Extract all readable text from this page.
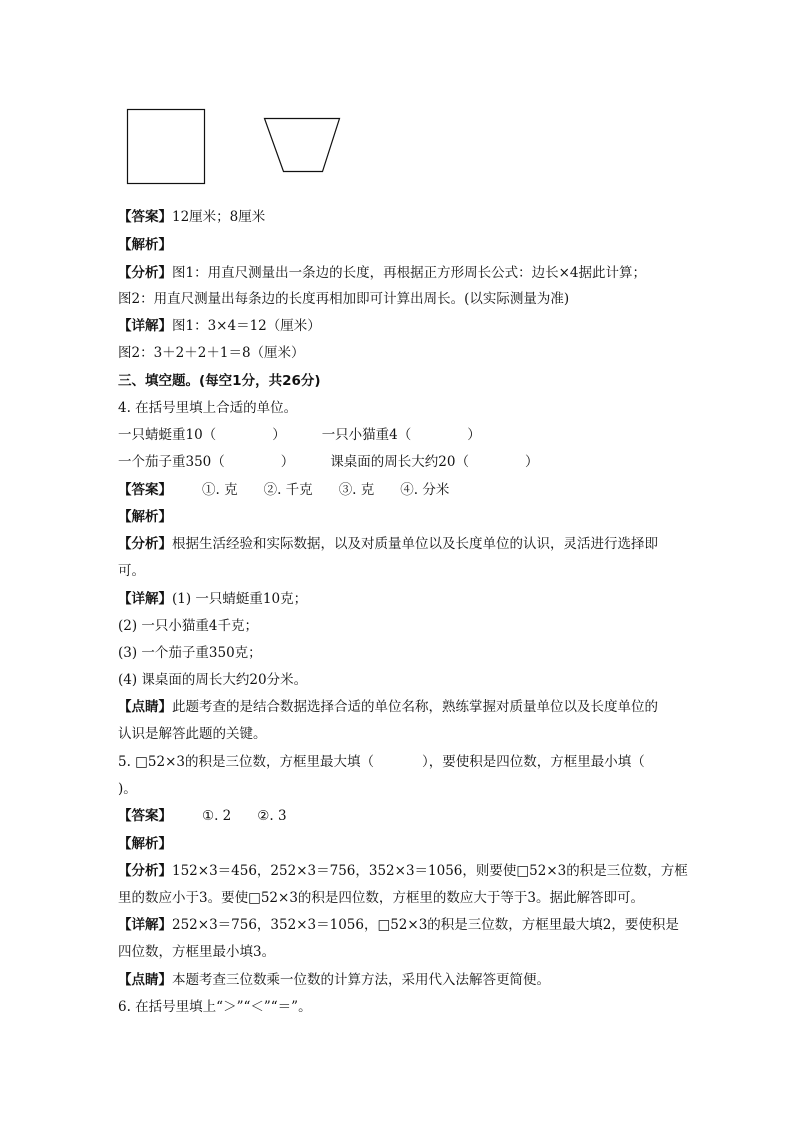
【答案】12厘米；8厘米
【解析】
【分析】图1：用直尺测量出一条边的长度，再根据正方形周长公式：边长×4据此计算；
图2：用直尺测量出每条边的长度再相加即可计算出周长。(以实际测量为准)
【详解】图1：3×4＝12（厘米）
图2：3＋2＋2＋1＝8（厘米）
三、填空题。(每空1分，共26分)
4. 在括号里填上合适的单位。
一只蜻蜓重10（	）	一只小猫重4（	）
一个茄子重350（	）	课桌面的周长大约20（	）
【答案】 ①. 克 ②. 千克 ③. 克 ④. 分米
【解析】
【分析】根据生活经验和实际数据，以及对质量单位以及长度单位的认识，灵活进行选择即
可。
【详解】(1) 一只蜻蜓重10克；
(2) 一只小猫重4千克；
(3) 一个茄子重350克；
(4) 课桌面的周长大约20分米。
【点睛】此题考查的是结合数据选择合适的单位名称，熟练掌握对质量单位以及长度单位的
认识是解答此题的关键。
5. □52×3的积是三位数，方框里最大填（	），要使积是四位数，方框里最小填（
)。
【答案】 ①. 2 ②. 3
【解析】
【分析】152×3＝456，252×3＝756，352×3＝1056，则要使□52×3的积是三位数，方框
里的数应小于3。要使□52×3的积是四位数，方框里的数应大于等于3。据此解答即可。
【详解】252×3＝756，352×3＝1056，□52×3的积是三位数，方框里最大填2，要使积是
四位数，方框里最小填3。
【点睛】本题考查三位数乘一位数的计算方法，采用代入法解答更简便。
6. 在括号里填上“＞”“＜”“＝”。
